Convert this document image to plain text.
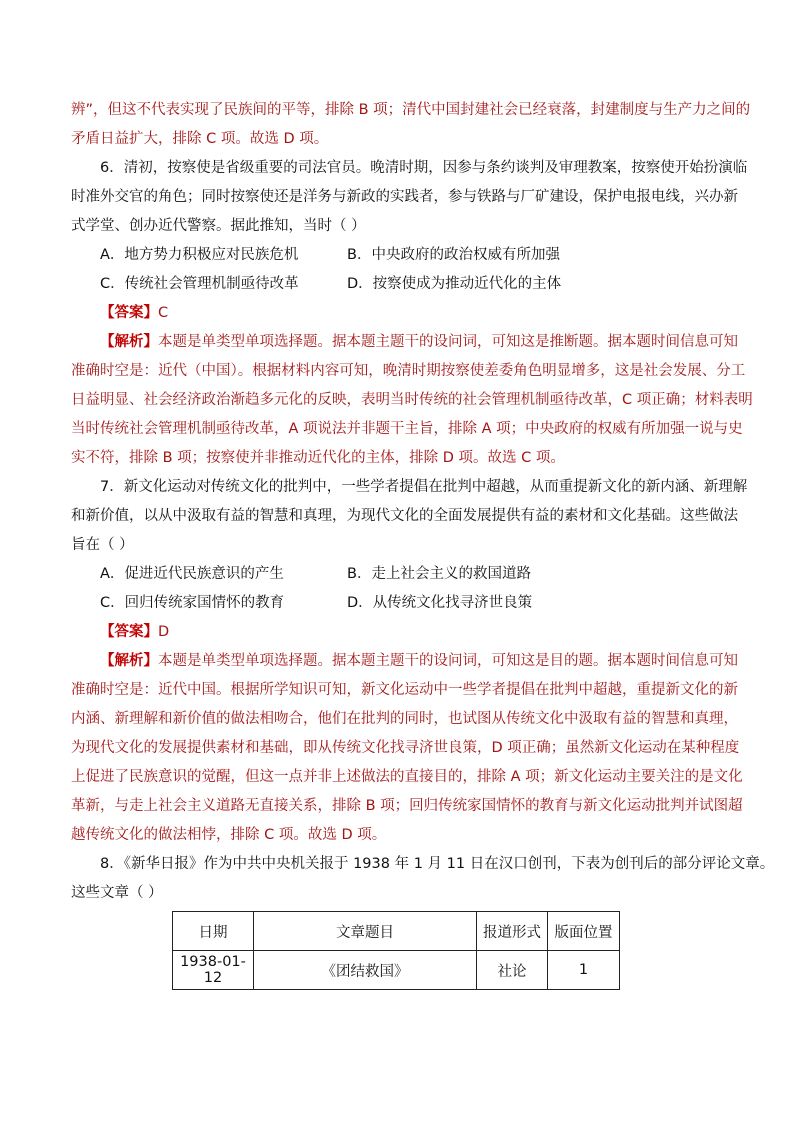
辨”，但这不代表实现了民族间的平等，排除 B 项；清代中国封建社会已经衰落，封建制度与生产力之间的
矛盾日益扩大，排除 C 项。故选 D 项。
6．清初，按察使是省级重要的司法官员。晚清时期，因参与条约谈判及审理教案，按察使开始扮演临
时准外交官的角色；同时按察使还是洋务与新政的实践者，参与铁路与厂矿建设，保护电报电线，兴办新
式学堂、创办近代警察。据此推知，当时（ ）
A．地方势力积极应对民族危机	B．中央政府的政治权威有所加强
C．传统社会管理机制亟待改革	D．按察使成为推动近代化的主体
【答案】C
【解析】本题是单类型单项选择题。据本题主题干的设问词，可知这是推断题。据本题时间信息可知
准确时空是：近代（中国）。根据材料内容可知，晚清时期按察使差委角色明显增多，这是社会发展、分工
日益明显、社会经济政治渐趋多元化的反映，表明当时传统的社会管理机制亟待改革，C 项正确；材料表明
当时传统社会管理机制亟待改革，A 项说法并非题干主旨，排除 A 项；中央政府的权威有所加强一说与史
实不符，排除 B 项；按察使并非推动近代化的主体，排除 D 项。故选 C 项。
7．新文化运动对传统文化的批判中，一些学者提倡在批判中超越，从而重提新文化的新内涵、新理解
和新价值，以从中汲取有益的智慧和真理，为现代文化的全面发展提供有益的素材和文化基础。这些做法
旨在（ ）
A．促进近代民族意识的产生	B．走上社会主义的救国道路
C．回归传统家国情怀的教育	D．从传统文化找寻济世良策
【答案】D
【解析】本题是单类型单项选择题。据本题主题干的设问词，可知这是目的题。据本题时间信息可知
准确时空是：近代中国。根据所学知识可知，新文化运动中一些学者提倡在批判中超越，重提新文化的新
内涵、新理解和新价值的做法相吻合，他们在批判的同时，也试图从传统文化中汲取有益的智慧和真理，
为现代文化的发展提供素材和基础，即从传统文化找寻济世良策，D 项正确；虽然新文化运动在某种程度
上促进了民族意识的觉醒，但这一点并非上述做法的直接目的，排除 A 项；新文化运动主要关注的是文化
革新，与走上社会主义道路无直接关系，排除 B 项；回归传统家国情怀的教育与新文化运动批判并试图超
越传统文化的做法相悖，排除 C 项。故选 D 项。
8．《新华日报》作为中共中央机关报于 1938 年 1 月 11 日在汉口创刊，下表为创刊后的部分评论文章。
这些文章（ ）
日期	文章题目	报道形式	版面位置
1938-01-12	《团结救国》	社论	1
